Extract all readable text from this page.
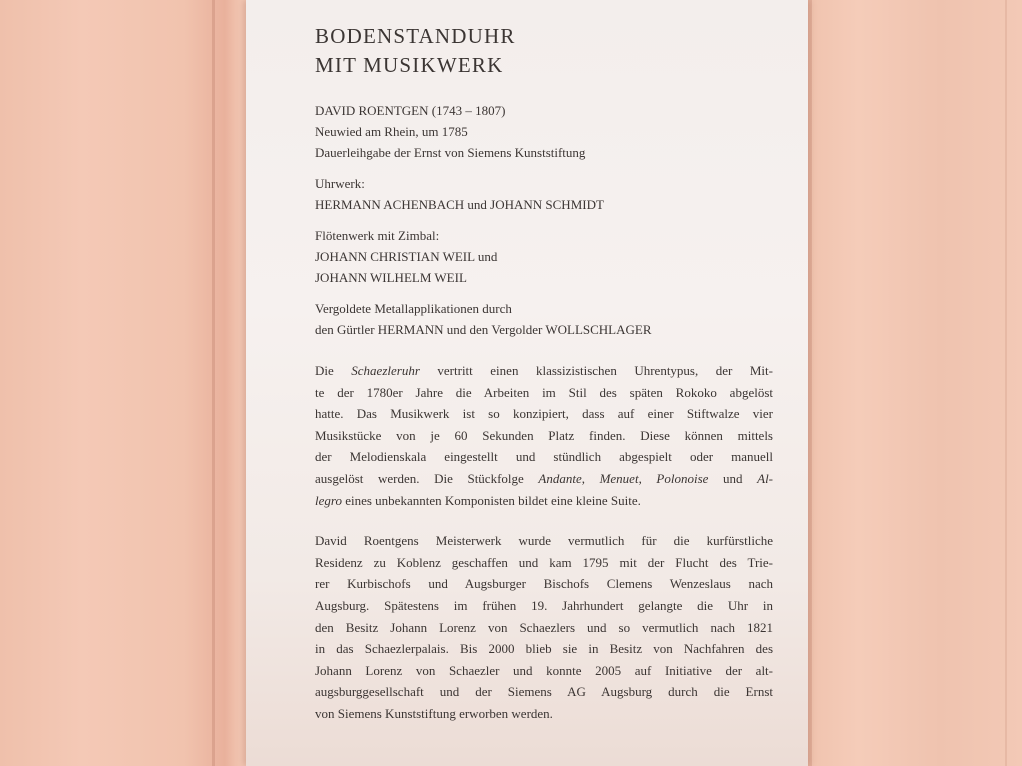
BODENSTANDUHR
MIT MUSIKWERK
DAVID ROENTGEN (1743 – 1807)
Neuwied am Rhein, um 1785
Dauerleihgabe der Ernst von Siemens Kunststiftung
Uhrwerk:
HERMANN ACHENBACH und JOHANN SCHMIDT
Flötenwerk mit Zimbal:
JOHANN CHRISTIAN WEIL und
JOHANN WILHELM WEIL
Vergoldete Metallapplikationen durch
den Gürtler HERMANN und den Vergolder WOLLSCHLAGER
Die Schaezleruhr vertritt einen klassizistischen Uhrentypus, der Mit-
te der 1780er Jahre die Arbeiten im Stil des späten Rokoko abgelöst
hatte. Das Musikwerk ist so konzipiert, dass auf einer Stiftwalze vier
Musikstücke von je 60 Sekunden Platz finden. Diese können mittels
der Melodienskala eingestellt und stündlich abgespielt oder manuell
ausgelöst werden. Die Stückfolge Andante, Menuet, Polonoise und Al-
legro eines unbekannten Komponisten bildet eine kleine Suite.
David Roentgens Meisterwerk wurde vermutlich für die kurfürstliche
Residenz zu Koblenz geschaffen und kam 1795 mit der Flucht des Trie-
rer Kurbischofs und Augsburger Bischofs Clemens Wenzeslaus nach
Augsburg. Spätestens im frühen 19. Jahrhundert gelangte die Uhr in
den Besitz Johann Lorenz von Schaezlers und so vermutlich nach 1821
in das Schaezlerpalais. Bis 2000 blieb sie in Besitz von Nachfahren des
Johann Lorenz von Schaezler und konnte 2005 auf Initiative der alt-
augsburggesellschaft und der Siemens AG Augsburg durch die Ernst
von Siemens Kunststiftung erworben werden.
